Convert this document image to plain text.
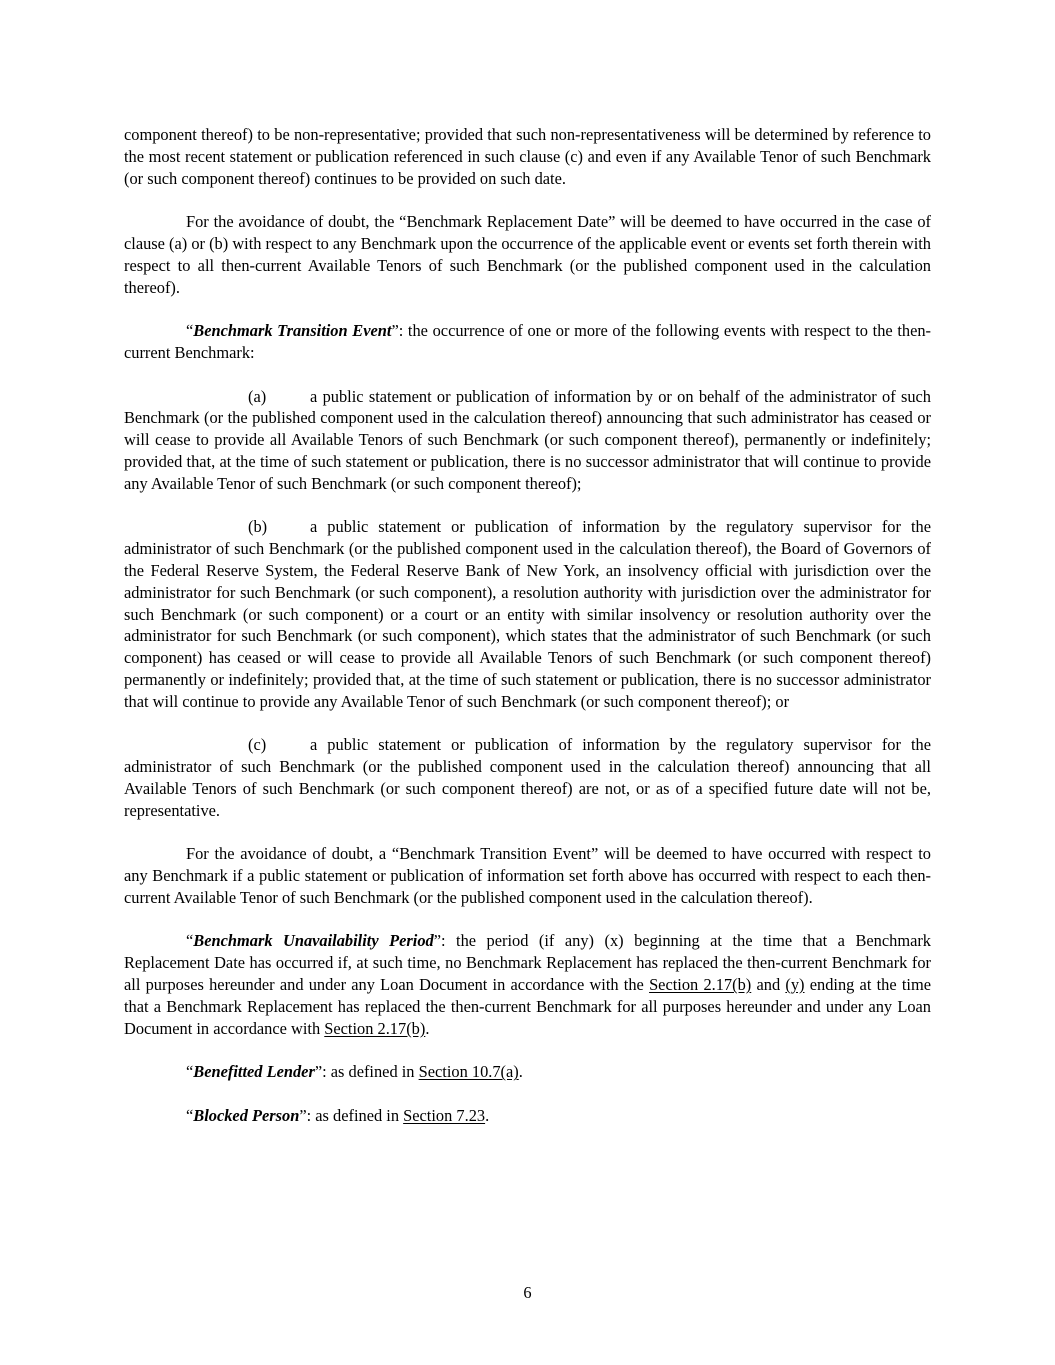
component thereof) to be non-representative; provided that such non-representativeness will be determined by reference to the most recent statement or publication referenced in such clause (c) and even if any Available Tenor of such Benchmark (or such component thereof) continues to be provided on such date.

For the avoidance of doubt, the “Benchmark Replacement Date” will be deemed to have occurred in the case of clause (a) or (b) with respect to any Benchmark upon the occurrence of the applicable event or events set forth therein with respect to all then-current Available Tenors of such Benchmark (or the published component used in the calculation thereof).

“Benchmark Transition Event”: the occurrence of one or more of the following events with respect to the then-current Benchmark:

(a)	a public statement or publication of information by or on behalf of the administrator of such Benchmark (or the published component used in the calculation thereof) announcing that such administrator has ceased or will cease to provide all Available Tenors of such Benchmark (or such component thereof), permanently or indefinitely; provided that, at the time of such statement or publication, there is no successor administrator that will continue to provide any Available Tenor of such Benchmark (or such component thereof);

(b)	a public statement or publication of information by the regulatory supervisor for the administrator of such Benchmark (or the published component used in the calculation thereof), the Board of Governors of the Federal Reserve System, the Federal Reserve Bank of New York, an insolvency official with jurisdiction over the administrator for such Benchmark (or such component), a resolution authority with jurisdiction over the administrator for such Benchmark (or such component) or a court or an entity with similar insolvency or resolution authority over the administrator for such Benchmark (or such component), which states that the administrator of such Benchmark (or such component) has ceased or will cease to provide all Available Tenors of such Benchmark (or such component thereof) permanently or indefinitely; provided that, at the time of such statement or publication, there is no successor administrator that will continue to provide any Available Tenor of such Benchmark (or such component thereof); or

(c)	a public statement or publication of information by the regulatory supervisor for the administrator of such Benchmark (or the published component used in the calculation thereof) announcing that all Available Tenors of such Benchmark (or such component thereof) are not, or as of a specified future date will not be, representative.

For the avoidance of doubt, a “Benchmark Transition Event” will be deemed to have occurred with respect to any Benchmark if a public statement or publication of information set forth above has occurred with respect to each then-current Available Tenor of such Benchmark (or the published component used in the calculation thereof).

“Benchmark Unavailability Period”: the period (if any) (x) beginning at the time that a Benchmark Replacement Date has occurred if, at such time, no Benchmark Replacement has replaced the then-current Benchmark for all purposes hereunder and under any Loan Document in accordance with the Section 2.17(b) and (y) ending at the time that a Benchmark Replacement has replaced the then-current Benchmark for all purposes hereunder and under any Loan Document in accordance with Section 2.17(b).

“Benefitted Lender”: as defined in Section 10.7(a).

“Blocked Person”: as defined in Section 7.23.

6
